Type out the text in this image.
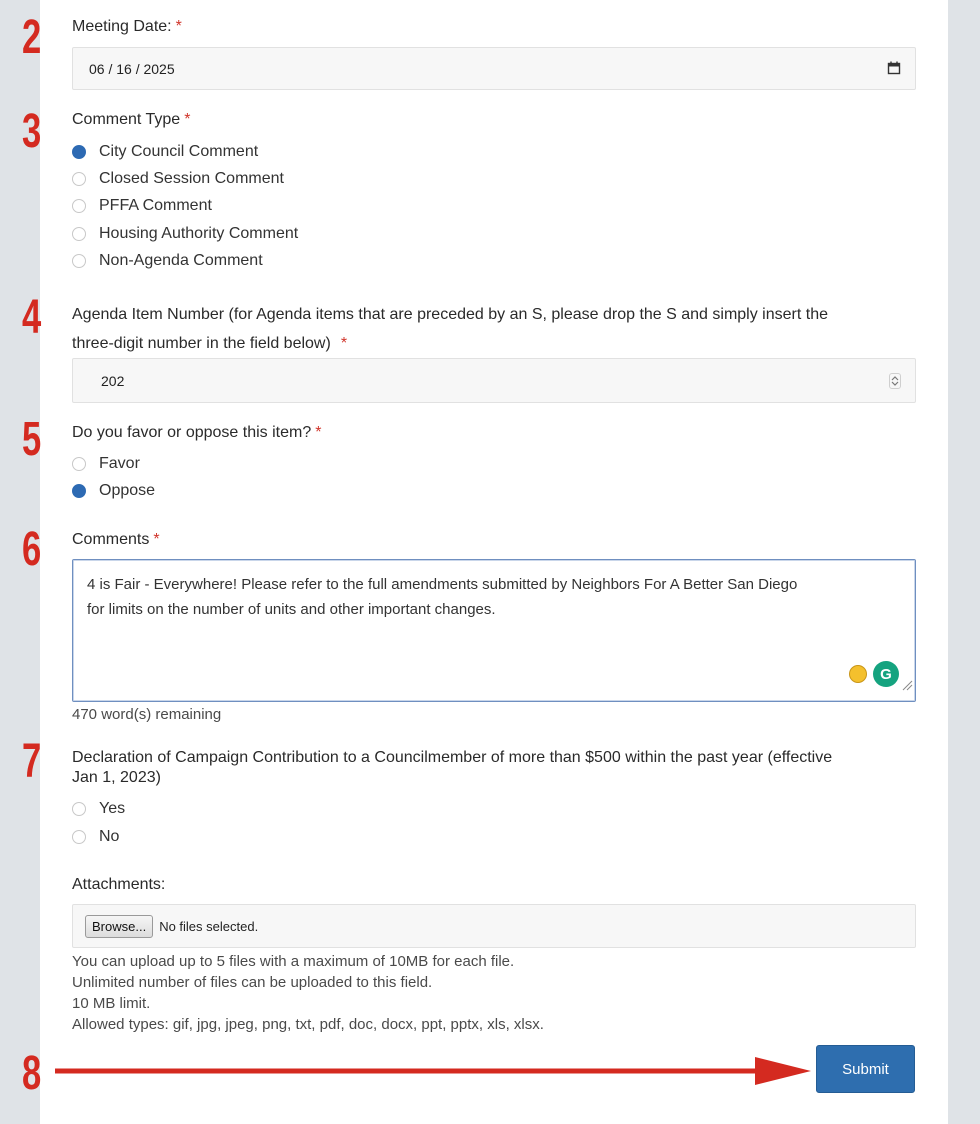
2
3
4
5
6
7
8
Meeting Date: *
06 / 16 / 2025
Comment Type *
City Council Comment
Closed Session Comment
PFFA Comment
Housing Authority Comment
Non-Agenda Comment
Agenda Item Number (for Agenda items that are preceded by an S, please drop the S and simply insert the
three-digit number in the field below) *
202
Do you favor or oppose this item? *
Favor
Oppose
Comments *
4 is Fair - Everywhere! Please refer to the full amendments submitted by Neighbors For A Better San Diego
for limits on the number of units and other important changes.
G
470 word(s) remaining
Declaration of Campaign Contribution to a Councilmember of more than $500 within the past year (effective
Jan 1, 2023)
Yes
No
Attachments:
Browse...	No files selected.
You can upload up to 5 files with a maximum of 10MB for each file.
Unlimited number of files can be uploaded to this field.
10 MB limit.
Allowed types: gif, jpg, jpeg, png, txt, pdf, doc, docx, ppt, pptx, xls, xlsx.
Submit
